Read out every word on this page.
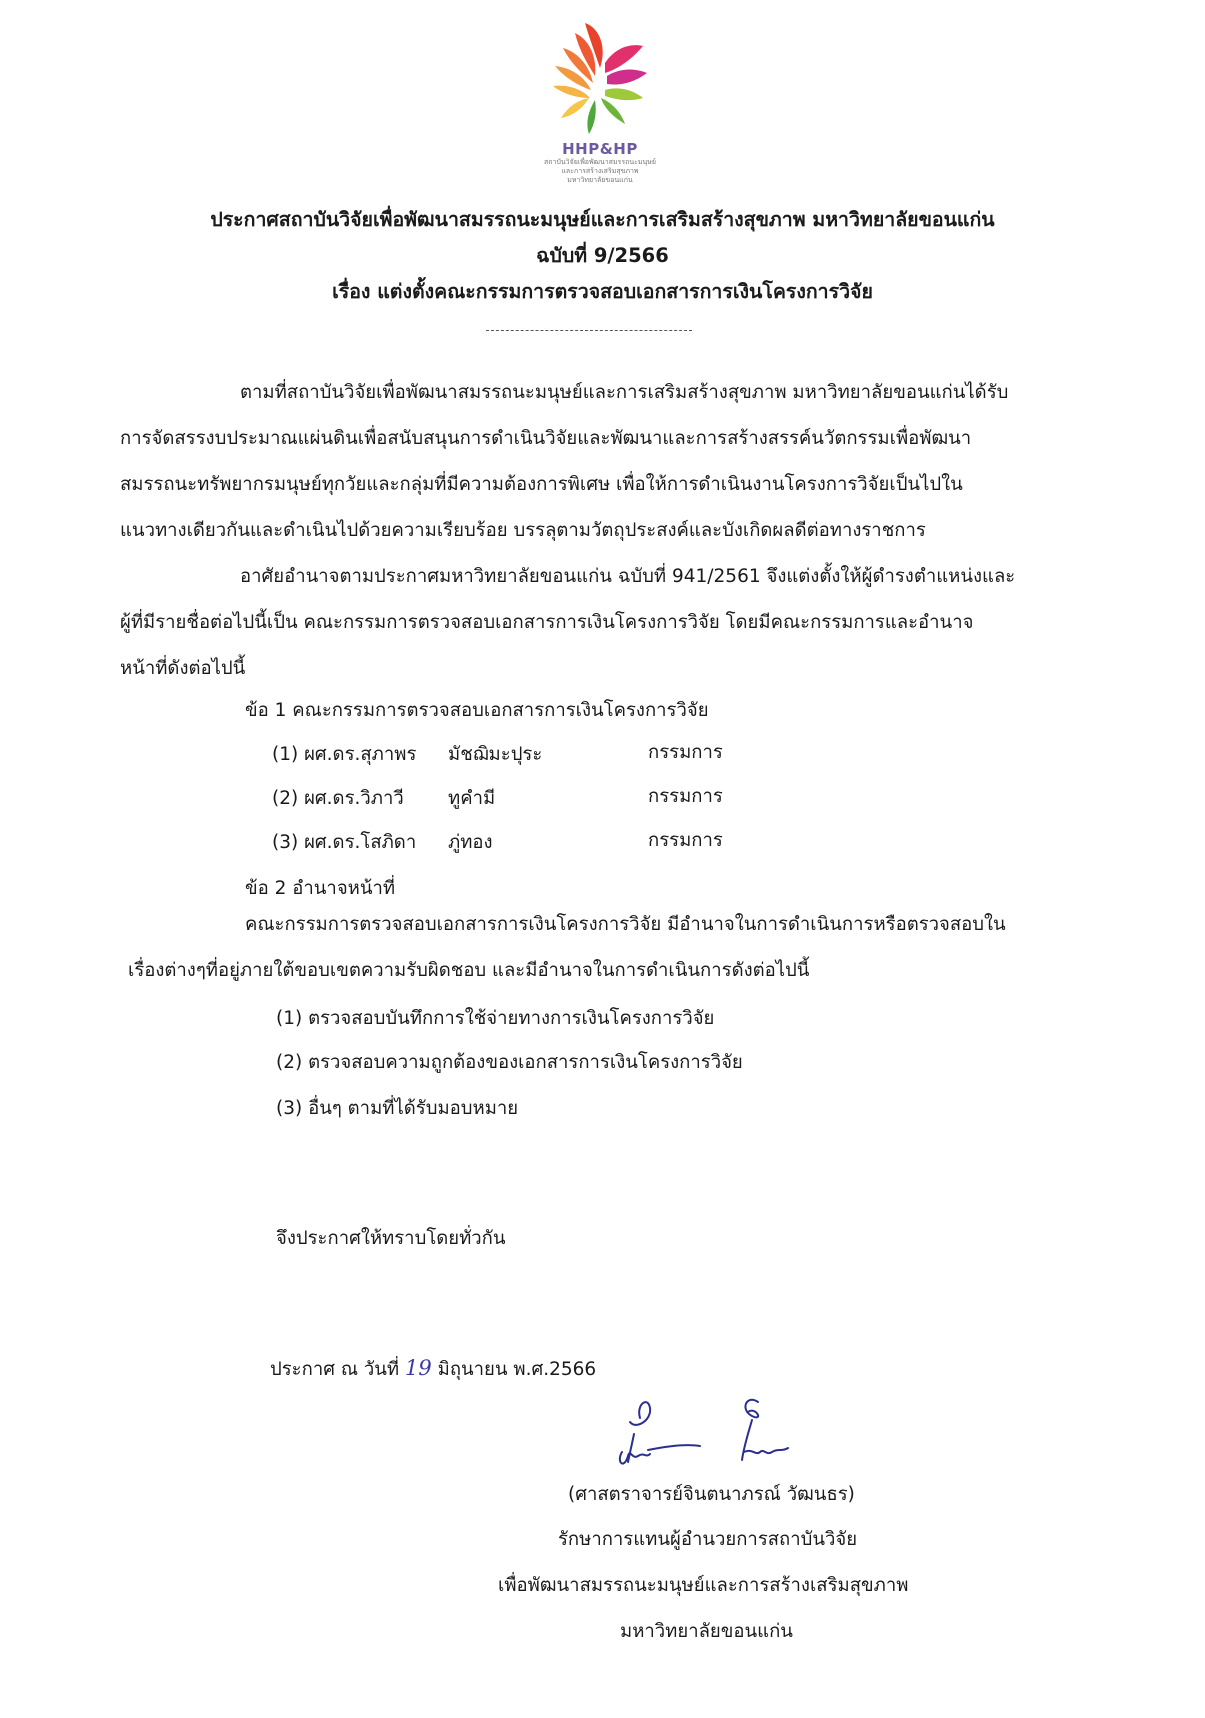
HHP&HP
สถาบันวิจัยเพื่อพัฒนาสมรรถนะมนุษย์
และการสร้างเสริมสุขภาพ
มหาวิทยาลัยขอนแก่น
ประกาศสถาบันวิจัยเพื่อพัฒนาสมรรถนะมนุษย์และการเสริมสร้างสุขภาพ มหาวิทยาลัยขอนแก่น
ฉบับที่ 9/2566
เรื่อง แต่งตั้งคณะกรรมการตรวจสอบเอกสารการเงินโครงการวิจัย
ตามที่สถาบันวิจัยเพื่อพัฒนาสมรรถนะมนุษย์และการเสริมสร้างสุขภาพ มหาวิทยาลัยขอนแก่นได้รับ
การจัดสรรงบประมาณแผ่นดินเพื่อสนับสนุนการดำเนินวิจัยและพัฒนาและการสร้างสรรค์นวัตกรรมเพื่อพัฒนา
สมรรถนะทรัพยากรมนุษย์ทุกวัยและกลุ่มที่มีความต้องการพิเศษ เพื่อให้การดำเนินงานโครงการวิจัยเป็นไปใน
แนวทางเดียวกันและดำเนินไปด้วยความเรียบร้อย บรรลุตามวัตถุประสงค์และบังเกิดผลดีต่อทางราชการ
อาศัยอำนาจตามประกาศมหาวิทยาลัยขอนแก่น ฉบับที่ 941/2561 จึงแต่งตั้งให้ผู้ดำรงตำแหน่งและ
ผู้ที่มีรายชื่อต่อไปนี้เป็น คณะกรรมการตรวจสอบเอกสารการเงินโครงการวิจัย โดยมีคณะกรรมการและอำนาจ
หน้าที่ดังต่อไปนี้
ข้อ 1 คณะกรรมการตรวจสอบเอกสารการเงินโครงการวิจัย
(1) ผศ.ดร.สุภาพร มัชฌิมะปุระ	กรรมการ
(2) ผศ.ดร.วิภาวี ทูคำมี	กรรมการ
(3) ผศ.ดร.โสภิดา ภู่ทอง	กรรมการ
ข้อ 2 อำนาจหน้าที่
คณะกรรมการตรวจสอบเอกสารการเงินโครงการวิจัย มีอำนาจในการดำเนินการหรือตรวจสอบใน
เรื่องต่างๆที่อยู่ภายใต้ขอบเขตความรับผิดชอบ และมีอำนาจในการดำเนินการดังต่อไปนี้
(1) ตรวจสอบบันทึกการใช้จ่ายทางการเงินโครงการวิจัย
(2) ตรวจสอบความถูกต้องของเอกสารการเงินโครงการวิจัย
(3) อื่นๆ ตามที่ได้รับมอบหมาย
จึงประกาศให้ทราบโดยทั่วกัน
ประกาศ ณ วันที่ 19 มิถุนายน พ.ศ.2566
(ศาสตราจารย์จินตนาภรณ์ วัฒนธร)
รักษาการแทนผู้อำนวยการสถาบันวิจัย
เพื่อพัฒนาสมรรถนะมนุษย์และการสร้างเสริมสุขภาพ
มหาวิทยาลัยขอนแก่น
